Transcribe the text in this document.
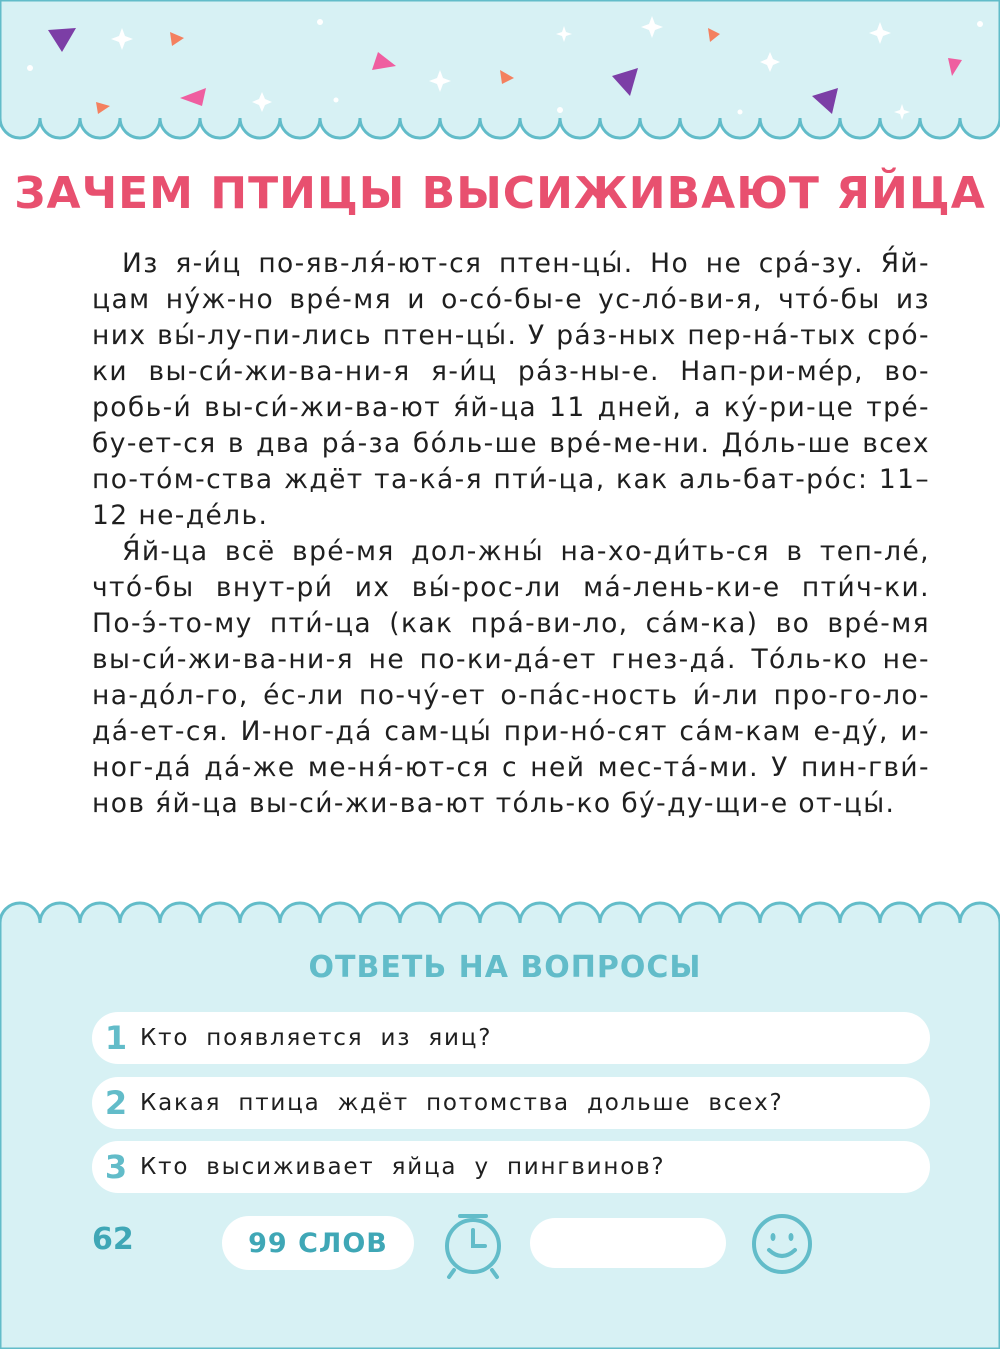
ЗАЧЕМ ПТИЦЫ ВЫСИЖИВАЮТ ЯЙЦА

Из я-и́ц по-яв-ля́-ют-ся птен-цы́. Но не сра́-зу. Я́й-цам ну́ж-но вре́-мя и о-со́-бы-е ус-ло́-ви-я, что́-бы из них вы́-лу-пи-лись птен-цы́. У ра́з-ных пер-на́-тых сро́-ки вы-си́-жи-ва-ни-я я-и́ц ра́з-ны-е. Нап-ри-ме́р, во-робь-и́ вы-си́-жи-ва-ют я́й-ца 11 дней, а ку́-ри-це тре́-бу-ет-ся в два ра́-за бо́ль-ше вре́-ме-ни. До́ль-ше всех по-то́м-ства ждёт та-ка́-я пти́-ца, как аль-бат-ро́с: 11–12 не-де́ль.

Я́й-ца всё вре́-мя дол-жны́ на-хо-ди́ть-ся в теп-ле́, что́-бы внут-ри́ их вы́-рос-ли ма́-лень-ки-е пти́ч-ки. По-э́-то-му пти́-ца (как пра́-ви-ло, са́м-ка) во вре́-мя вы-си́-жи-ва-ни-я не по-ки-да́-ет гнез-да́. То́ль-ко не-на-до́л-го, е́с-ли по-чу́-ет о-па́с-ность и́-ли про-го-ло-да́-ет-ся. И-ног-да́ сам-цы́ при-но́-сят са́м-кам е-ду́, и-ног-да́ да́-же ме-ня́-ют-ся с ней мес-та́-ми. У пин-гви́-нов я́й-ца вы-си́-жи-ва-ют то́ль-ко бу́-ду-щи-е от-цы́.

ОТВЕТЬ НА ВОПРОСЫ
1 Кто появляется из яиц?
2 Какая птица ждёт потомства дольше всех?
3 Кто высиживает яйца у пингвинов?
62	99 СЛОВ
